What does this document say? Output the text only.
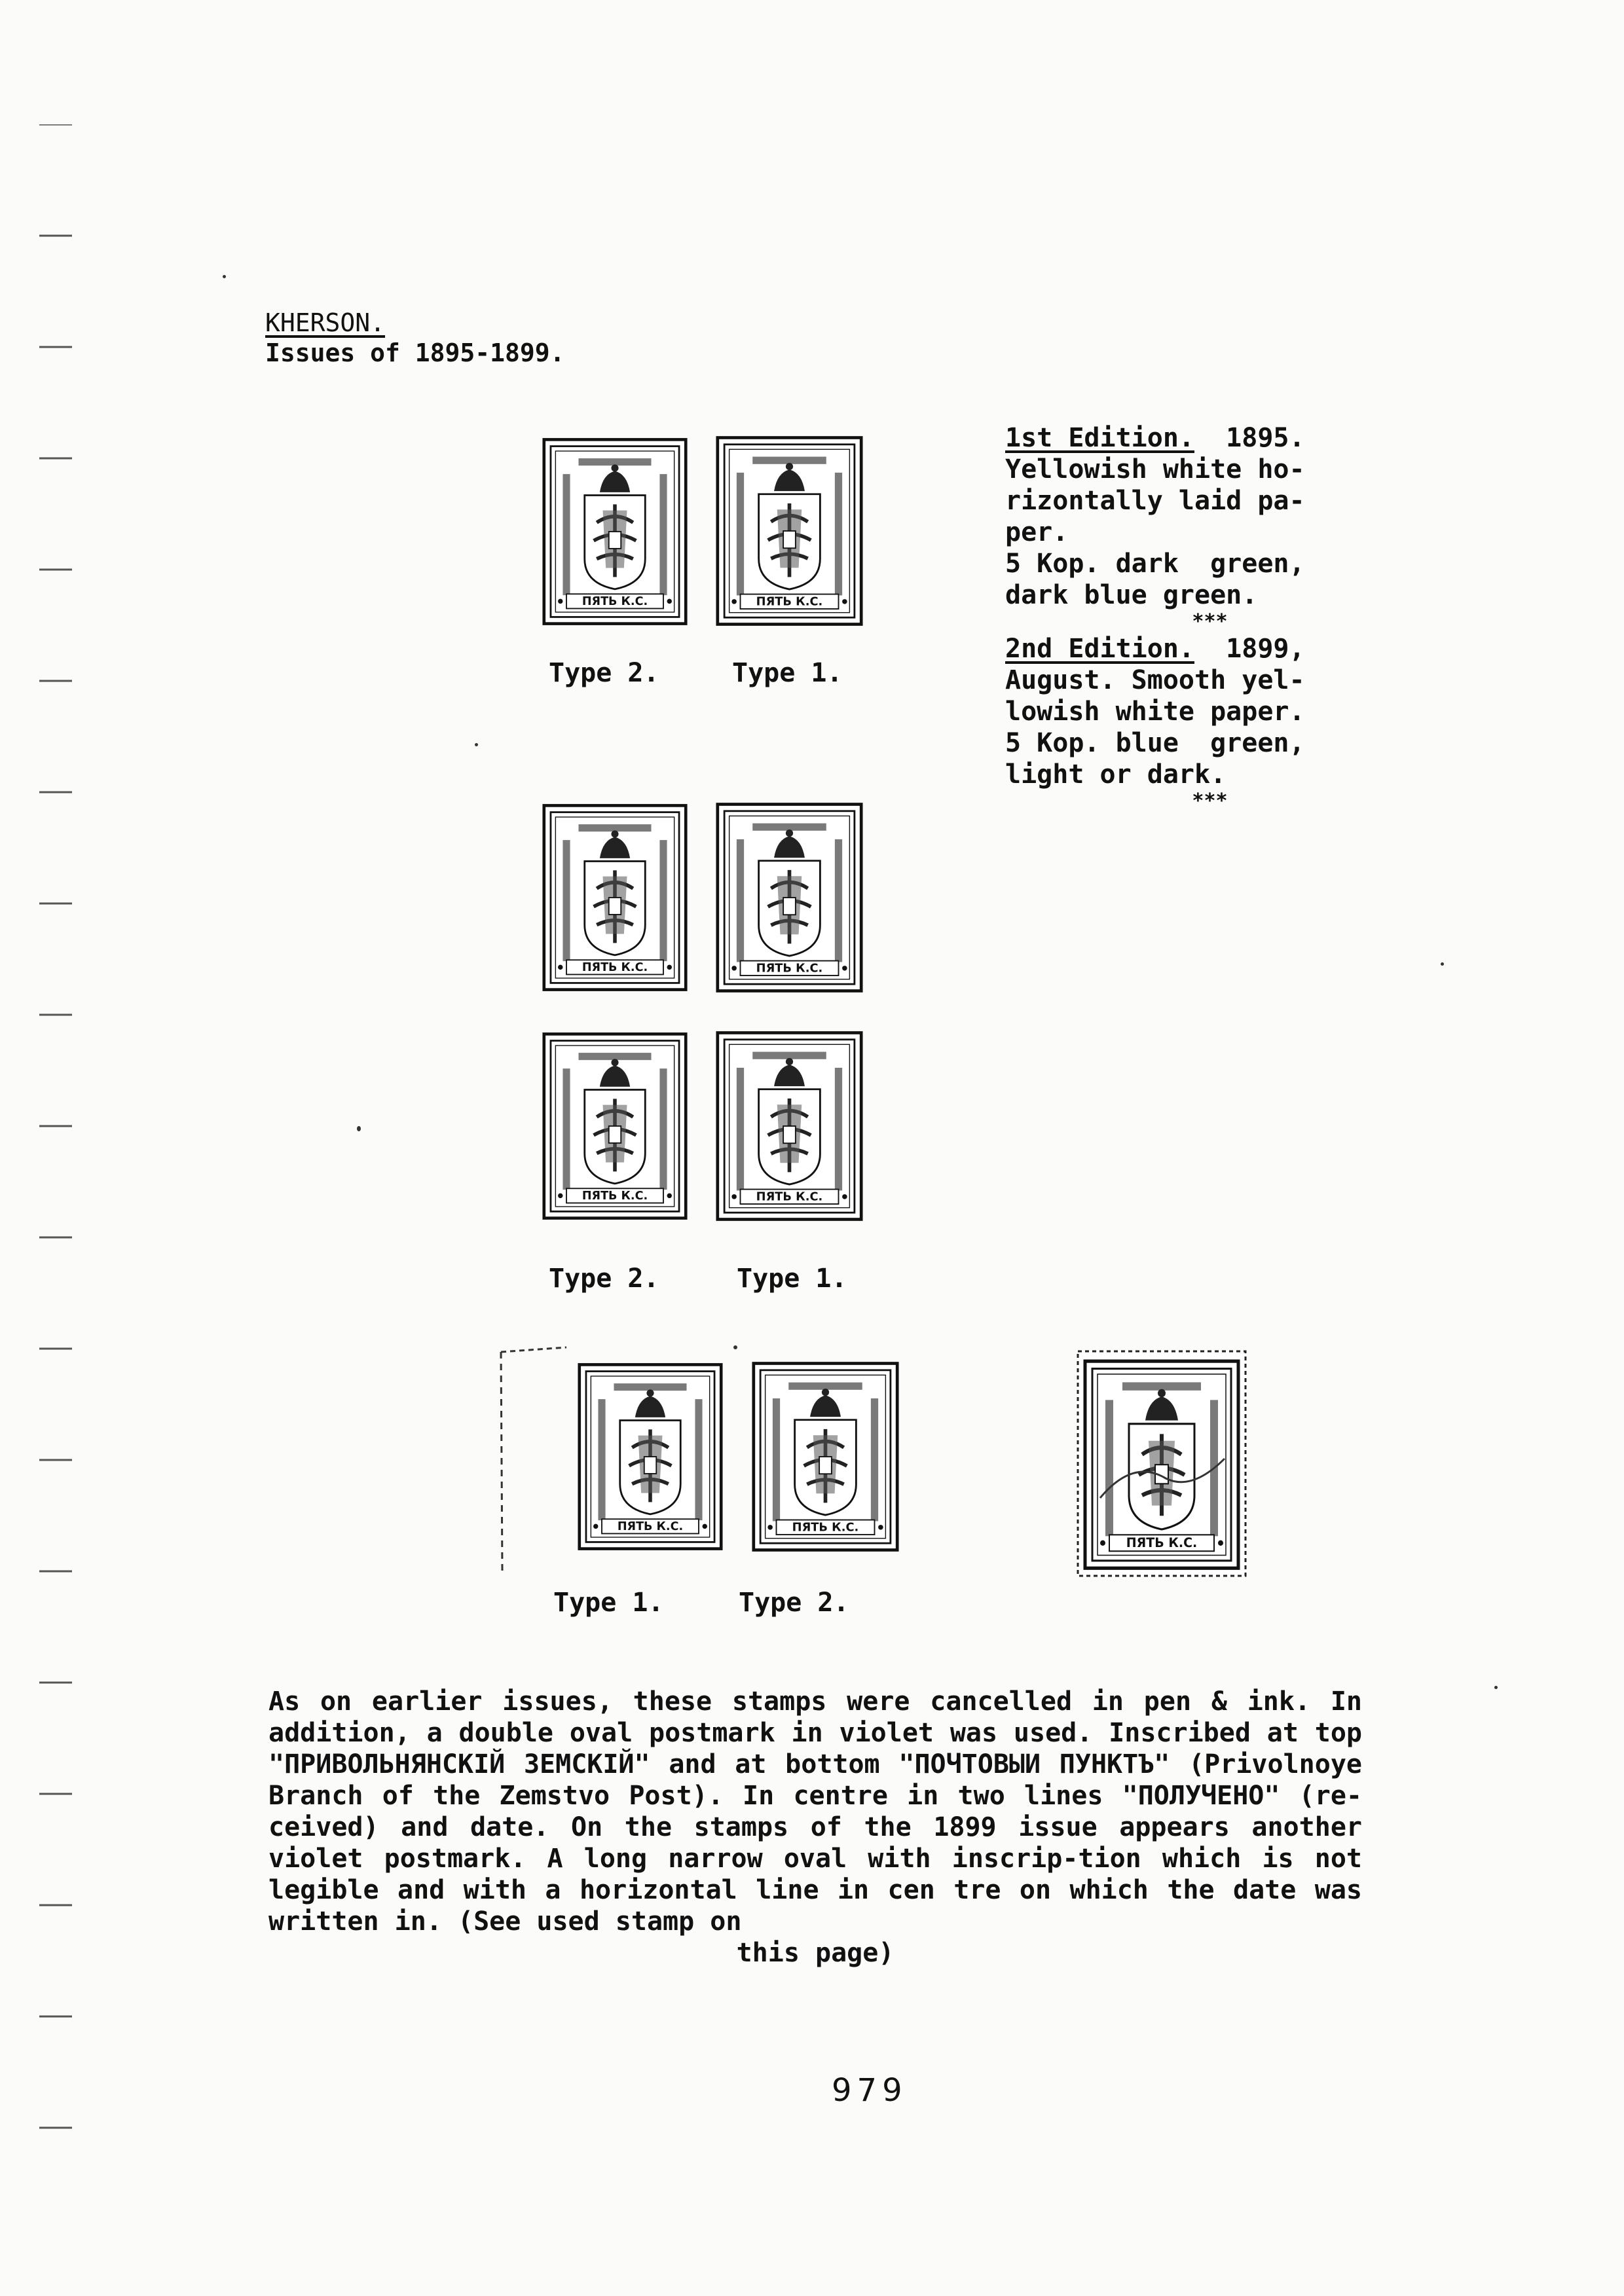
KHERSON.
Issues of 1895-1899.
1st Edition.  1895.
Yellowish white ho-
rizontally laid pa-
per.
5 Kop. dark  green,
dark blue green.

***
2nd Edition.  1899,
August. Smooth yel-
lowish white paper.
5 Kop. blue  green,
light or dark.

***
ПЯТЬ К.С.	ПЯТЬ К.С.
Type 2.	Type 1.
ПЯТЬ К.С.	ПЯТЬ К.С.
ПЯТЬ К.С.	ПЯТЬ К.С.
Type 2.	Type 1.
ПЯТЬ К.С.	ПЯТЬ К.С.
Type 1.	Type 2.
ПЯТЬ К.С.
As on earlier issues, these stamps were cancelled in pen & ink. In addition, a double oval postmark in violet was used. Inscribed at top "ПРИВОЛЬНЯНСКIЙ ЗЕМСКIЙ" and at bottom "ПОЧТОВЫИ ПУНКТЪ" (Privolnoye Branch of the Zemstvo Post). In centre in two lines "ПОЛУЧЕНО" (re-ceived) and date. On the stamps of the 1899 issue appears another violet postmark. A long narrow oval with inscrip-tion which is not legible and with a horizontal line in cen tre on which the date was written in. (See used stamp on
this page)
979
